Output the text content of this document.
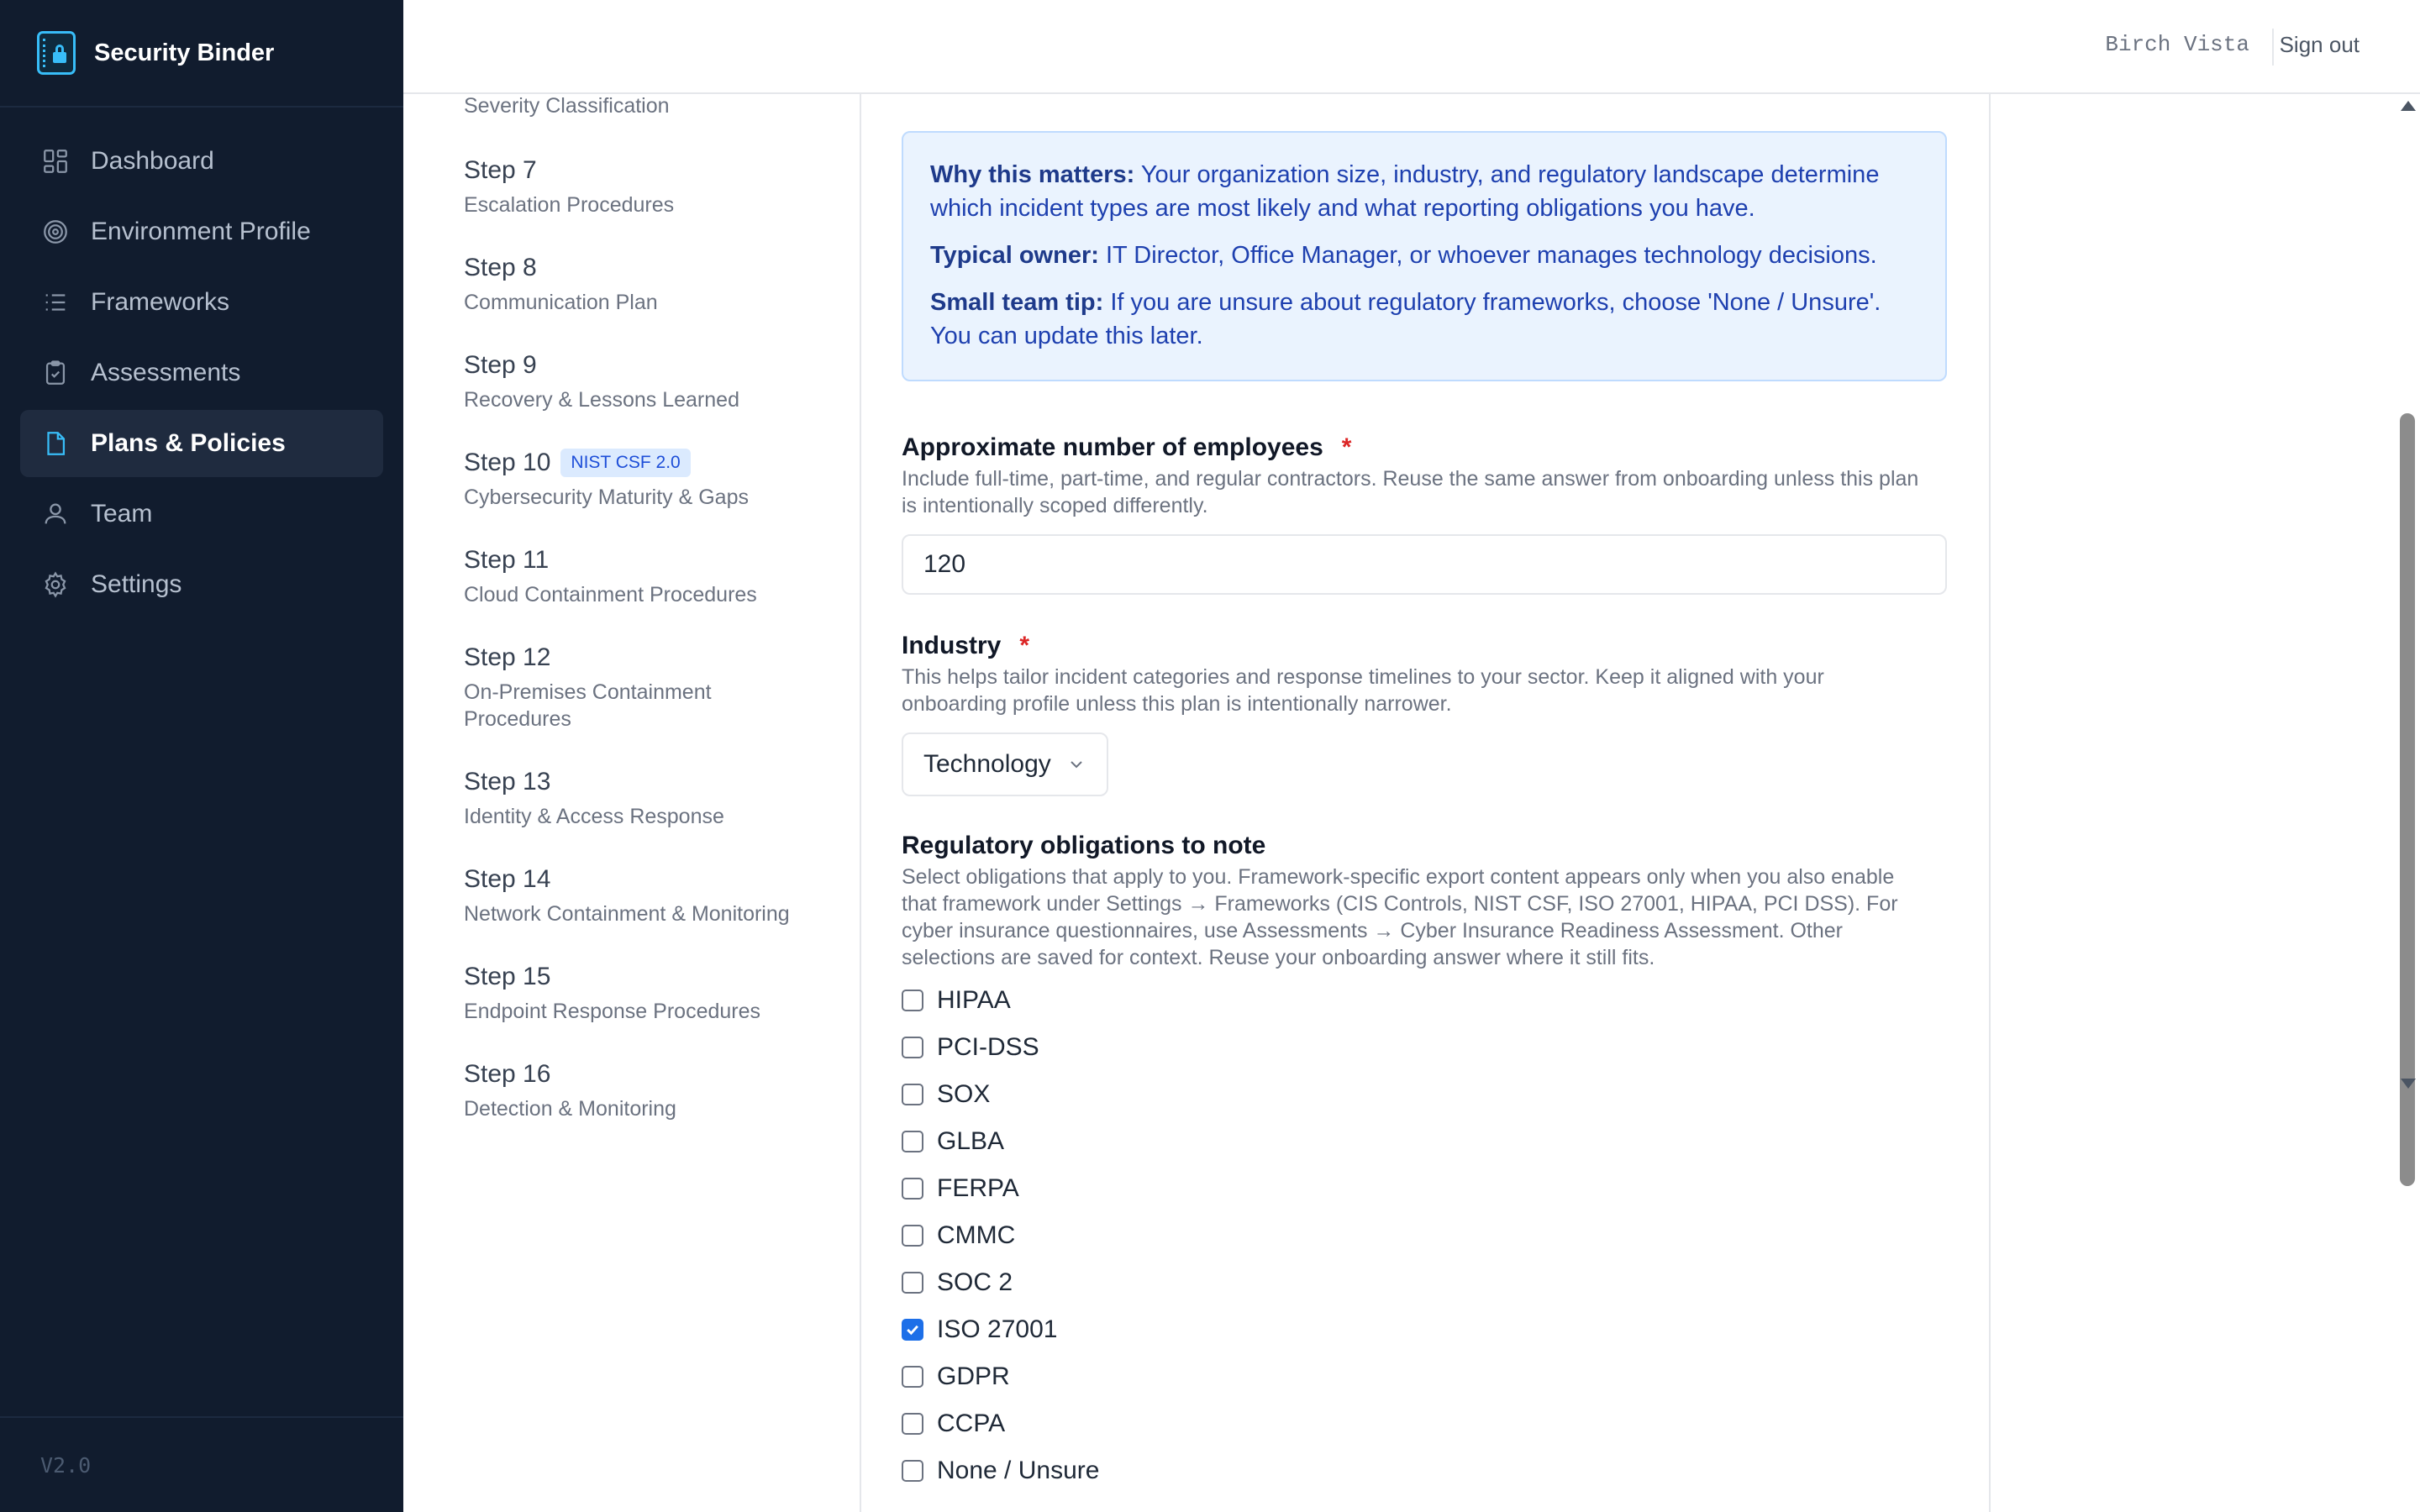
Security Binder
Dashboard
Environment Profile
Frameworks
Assessments
Plans & Policies
Team
Settings
V2.0
Birch Vista Sign out
Severity Classification
Step 7
Escalation Procedures
Step 8
Communication Plan
Step 9
Recovery & Lessons Learned
Step 10	NIST CSF 2.0
Cybersecurity Maturity & Gaps
Step 11
Cloud Containment Procedures
Step 12
On-Premises Containment Procedures
Step 13
Identity & Access Response
Step 14
Network Containment & Monitoring
Step 15
Endpoint Response Procedures
Step 16
Detection & Monitoring

Why this matters: Your organization size, industry, and regulatory landscape determine which incident types are most likely and what reporting obligations you have.

Typical owner: IT Director, Office Manager, or whoever manages technology decisions.

Small team tip: If you are unsure about regulatory frameworks, choose 'None / Unsure'. You can update this later.

Approximate number of employees *
Include full-time, part-time, and regular contractors. Reuse the same answer from onboarding unless this plan is intentionally scoped differently.
120
Industry *
This helps tailor incident categories and response timelines to your sector. Keep it aligned with your onboarding profile unless this plan is intentionally narrower.
Technology
Regulatory obligations to note
Select obligations that apply to you. Framework-specific export content appears only when you also enable that framework under Settings → Frameworks (CIS Controls, NIST CSF, ISO 27001, HIPAA, PCI DSS). For cyber insurance questionnaires, use Assessments → Cyber Insurance Readiness Assessment. Other selections are saved for context. Reuse your onboarding answer where it still fits.
HIPAA
PCI-DSS
SOX
GLBA
FERPA
CMMC
SOC 2
ISO 27001
GDPR
CCPA
None / Unsure
